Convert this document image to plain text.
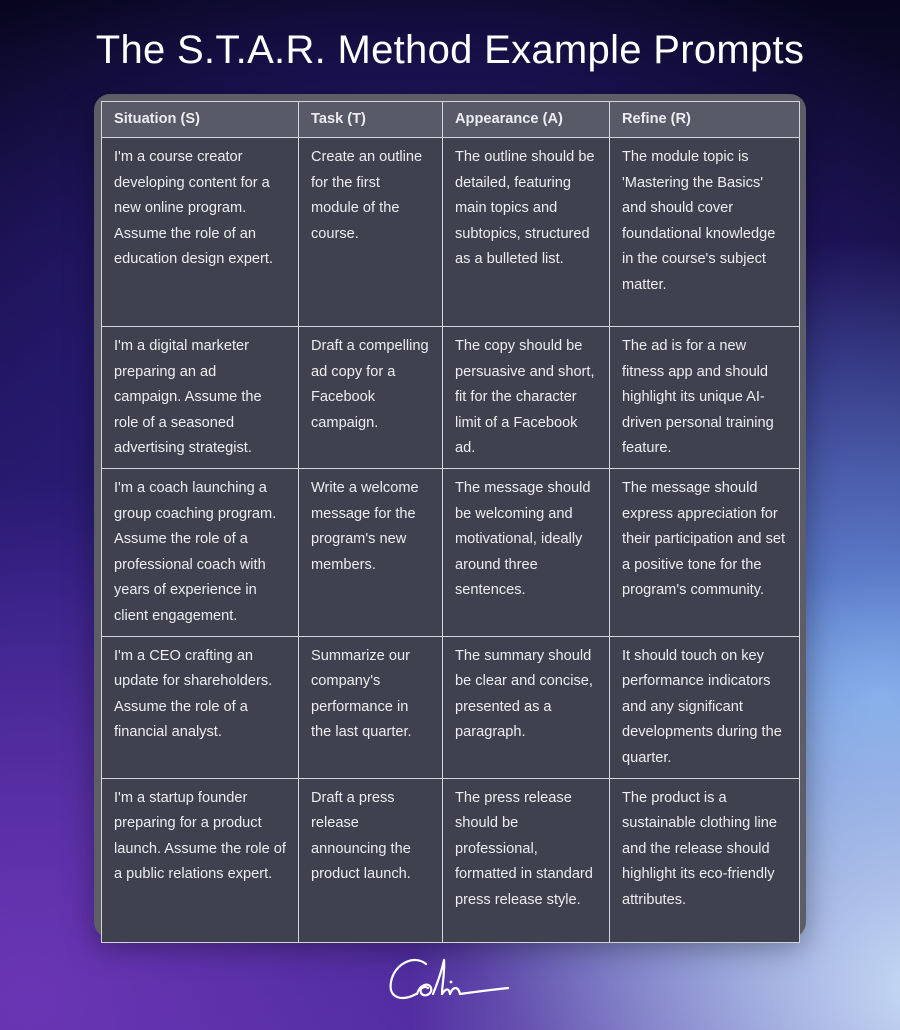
The S.T.A.R. Method Example Prompts
Situation (S)	Task (T)	Appearance (A)	Refine (R)
I'm a course creator developing content for a new online program. Assume the role of an education design expert.	Create an outline for the first module of the course.	The outline should be detailed, featuring main topics and subtopics, structured as a bulleted list.	The module topic is 'Mastering the Basics' and should cover foundational knowledge in the course's subject matter.
I'm a digital marketer preparing an ad campaign. Assume the role of a seasoned advertising strategist.	Draft a compelling ad copy for a Facebook campaign.	The copy should be persuasive and short, fit for the character limit of a Facebook ad.	The ad is for a new fitness app and should highlight its unique AI-driven personal training feature.
I'm a coach launching a group coaching program. Assume the role of a professional coach with years of experience in client engagement.	Write a welcome message for the program's new members.	The message should be welcoming and motivational, ideally around three sentences.	The message should express appreciation for their participation and set a positive tone for the program's community.
I'm a CEO crafting an update for shareholders. Assume the role of a financial analyst.	Summarize our company's performance in the last quarter.	The summary should be clear and concise, presented as a paragraph.	It should touch on key performance indicators and any significant developments during the quarter.
I'm a startup founder preparing for a product launch. Assume the role of a public relations expert.	Draft a press release announcing the product launch.	The press release should be professional, formatted in standard press release style.	The product is a sustainable clothing line and the release should highlight its eco-friendly attributes.
